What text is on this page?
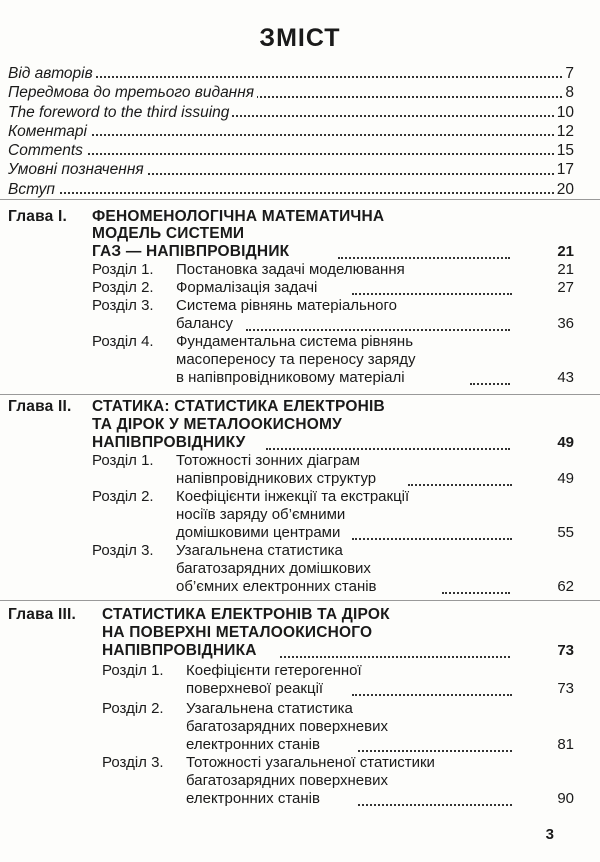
ЗМІСТ
Від авторів	7
Передмова до третього видання	8
The foreword to the third issuing	10
Коментарі	12
Comments	15
Умовні позначення	17
Вступ	20
Глава I. ФЕНОМЕНОЛОГІЧНА МАТЕМАТИЧНА
МОДЕЛЬ СИСТЕМИ
ГАЗ — НАПІВПРОВІДНИК	21
Розділ 1. Постановка задачі моделювання	21
Розділ 2. Формалізація задачі	27
Розділ 3. Система рівнянь матеріального
балансу	36
Розділ 4. Фундаментальна система рівнянь
масопереносу та переносу заряду
в напівпровідниковому матеріалі	43
Глава II. СТАТИКА: СТАТИСТИКА ЕЛЕКТРОНІВ
ТА ДІРОК У МЕТАЛООКИСНОМУ
НАПІВПРОВІДНИКУ	49
Розділ 1. Тотожності зонних діаграм
напівпровідникових структур	49
Розділ 2. Коефіцієнти інжекції та екстракції
носіїв заряду об’ємними
домішковими центрами	55
Розділ 3. Узагальнена статистика
багатозарядних домішкових
об’ємних електронних станів	62
Глава III. СТАТИСТИКА ЕЛЕКТРОНІВ ТА ДІРОК
НА ПОВЕРХНІ МЕТАЛООКИСНОГО
НАПІВПРОВІДНИКА	73
Розділ 1. Коефіцієнти гетерогенної
поверхневої реакції	73
Розділ 2. Узагальнена статистика
багатозарядних поверхневих
електронних станів	81
Розділ 3. Тотожності узагальненої статистики
багатозарядних поверхневих
електронних станів	90
3
